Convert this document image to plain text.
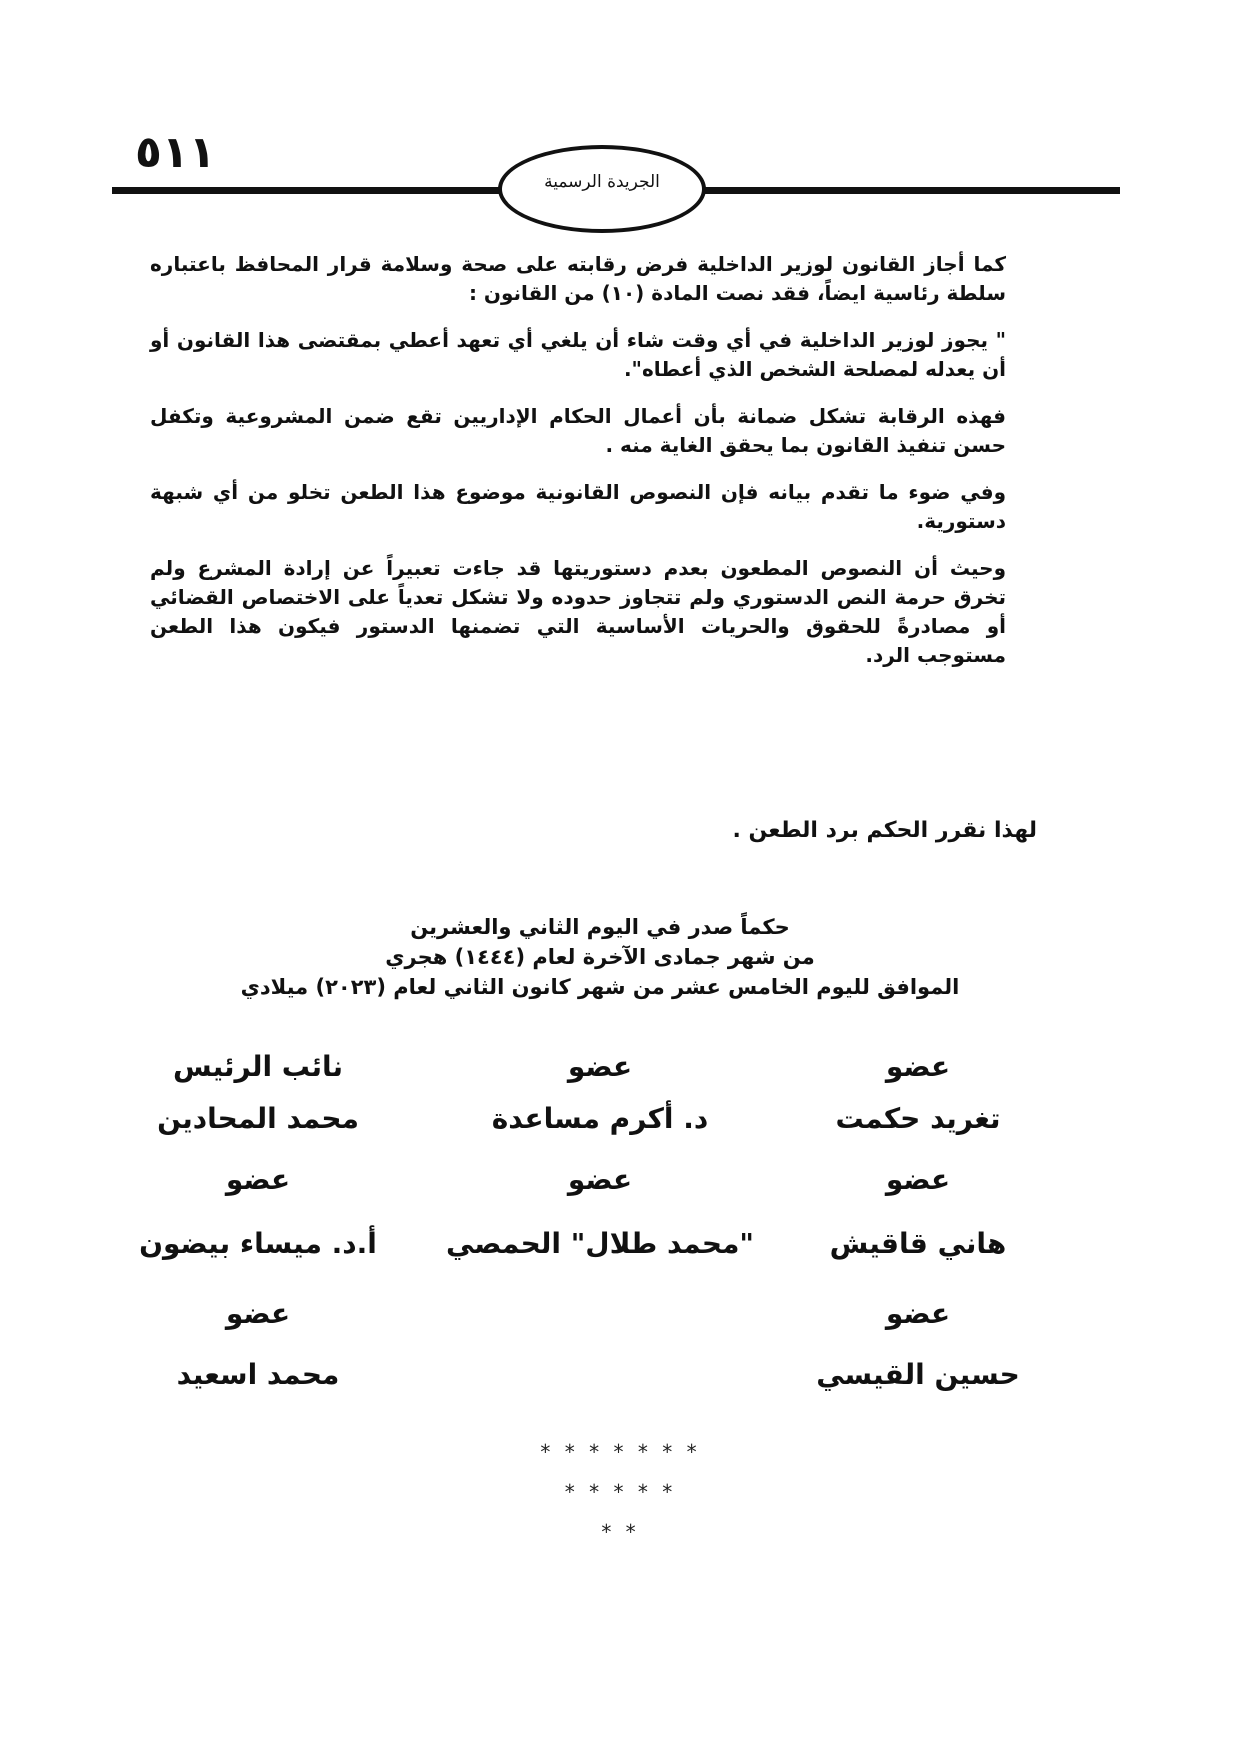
٥١١
الجريدة الرسمية

كما أجاز القانون لوزير الداخلية فرض رقابته على صحة وسلامة قرار المحافظ باعتباره سلطة رئاسية ايضاً، فقد نصت المادة (١٠) من القانون :

" يجوز لوزير الداخلية في أي وقت شاء أن يلغي أي تعهد أعطي بمقتضى هذا القانون أو أن يعدله لمصلحة الشخص الذي أعطاه".

فهذه الرقابة تشكل ضمانة بأن أعمال الحكام الإداريين تقع ضمن المشروعية وتكفل حسن تنفيذ القانون بما يحقق الغاية منه .

وفي ضوء ما تقدم بيانه فإن النصوص القانونية موضوع هذا الطعن تخلو من أي شبهة دستورية.

وحيث أن النصوص المطعون بعدم دستوريتها قد جاءت تعبيراً عن إرادة المشرع ولم تخرق حرمة النص الدستوري ولم تتجاوز حدوده ولا تشكل تعدياً على الاختصاص القضائي أو مصادرةً للحقوق والحريات الأساسية التي تضمنها الدستور فيكون هذا الطعن مستوجب الرد.

لهذا نقرر الحكم برد الطعن .
حكماً صدر في اليوم الثاني والعشرين
من شهر جمادى الآخرة لعام (١٤٤٤) هجري
الموافق لليوم الخامس عشر من شهر كانون الثاني لعام (٢٠٢٣) ميلادي
عضو
تغريد حكمت
عضو
د. أكرم مساعدة
نائب الرئيس
محمد المحادين
عضو
هاني قاقيش
عضو
"محمد طلال" الحمصي
عضو
أ.د. ميساء بيضون
عضو
حسين القيسي
عضو
محمد اسعيد
* * * * * * *
* * * * *
* *
